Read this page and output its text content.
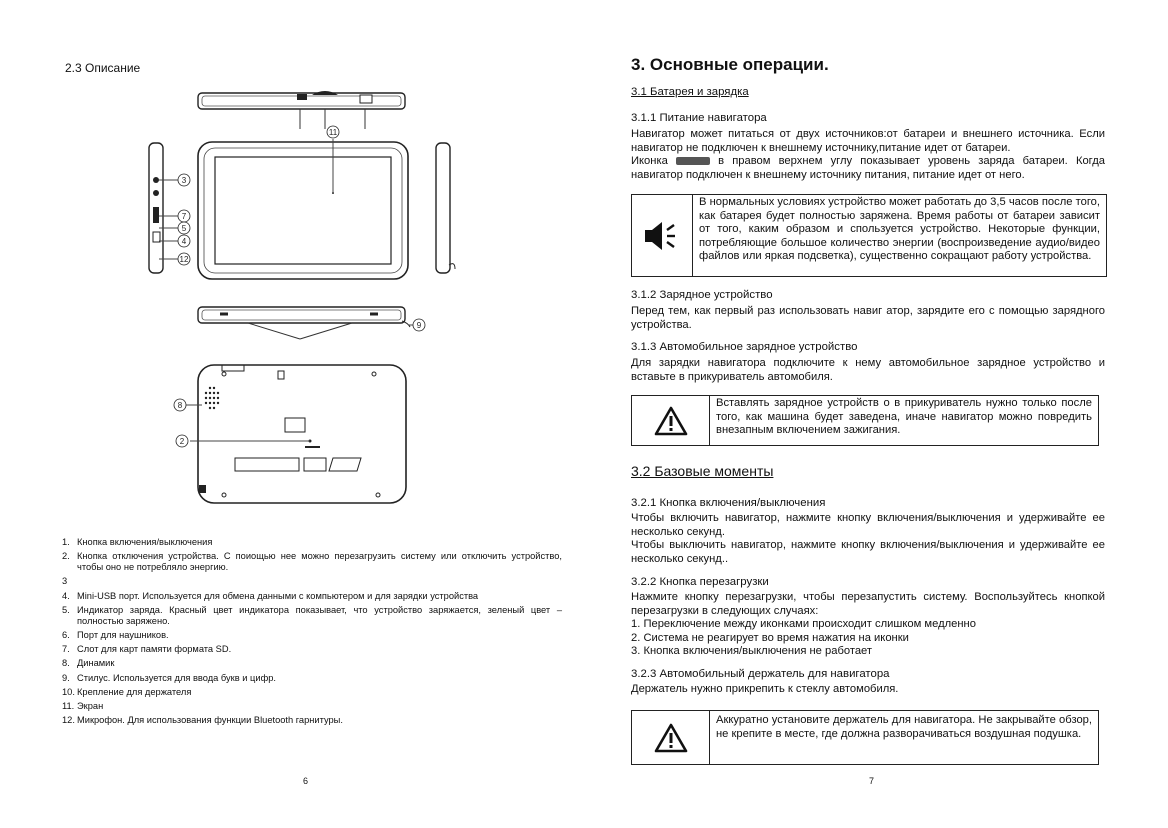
2.3 Описание
11
3
7
5
4
12
9
8
2
1. Кнопка включения/выключения
2. Кнопка отключения устройства. С поиощью нее можно перезагрузить систему или отключить устройство, чтобы оно не потребляло энергию.
3
4. Mini-USB порт. Используется для обмена данными с компьютером и для зарядки устройства
5. Индикатор заряда. Красный цвет индикатора показывает, что устройство заряжается, зеленый цвет – полностью заряжено.
6. Порт для наушников.
7. Слот для карт памяти формата SD.
8. Динамик
9. Стилус. Используется для ввода букв и цифр.
10. Крепление для держателя
11. Экран
12. Микрофон. Для использования функции Bluetooth гарнитуры.
6
3. Основные операции.
3.1 Батарея и зарядка
3.1.1 Питание навигатора
Навигатор может питаться от двух источников:от батареи и внешнего источника. Если навигатор не подключен к внешнему источнику,питание идет от батареи.
Иконка	в правом верхнем углу показывает уровень заряда батареи. Когда навигатор подключен к внешнему источнику питания, питание идет от него.
В нормальных условиях устройство может работать до 3,5 часов после того, как батарея будет полностью заряжена. Время работы от батареи зависит от того, каким образом и спользуется устройство. Некоторые функции, потребляющие большое количество энергии (воспроизведение аудио/видео файлов или яркая подсветка), существенно сокращают работу устройства.
3.1.2 Зарядное устройство
Перед тем, как первый раз использовать навиг атор, зарядите его с помощью зарядного устройства.
3.1.3 Автомобильное зарядное устройство
Для зарядки навигатора подключите к нему автомобильное зарядное устройство и вставьте в прикуриватель автомобиля.
Вставлять зарядное устройств о в прикуриватель нужно только после того, как машина будет заведена, иначе навигатор можно повредить внезапным включением зажигания.
3.2 Базовые моменты
3.2.1 Кнопка включения/выключения
Чтобы включить навигатор, нажмите кнопку включения/выключения и удерживайте ее несколько секунд.
Чтобы выключить навигатор, нажмите кнопку включения/выключения и удерживайте ее несколько секунд..
3.2.2 Кнопка перезагрузки
Нажмите кнопку перезагрузки, чтобы перезапустить систему. Воспользуйтесь кнопкой перезагрузки в следующих случаях:
1. Переключение между иконками происходит слишком медленно
2. Система не реагирует во время нажатия на иконки
3. Кнопка включения/выключения не работает
3.2.3 Автомобильный держатель для навигатора
Держатель нужно прикрепить к стеклу автомобиля.
Аккуратно установите держатель для навигатора. Не закрывайте обзор, не крепите в месте, где должна разворачиваться воздушная подушка.
7
